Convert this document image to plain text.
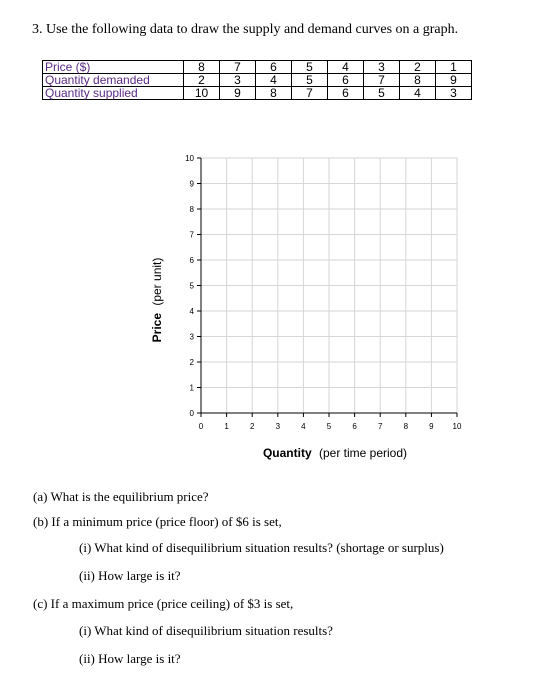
3. Use the following data to draw the supply and demand curves on a graph.
Price ($)	8	7	6	5	4	3	2	1
Quantity demanded	2	3	4	5	6	7	8	9
Quantity supplied	10	9	8	7	6	5	4	3
0	1	2	3	4	5	6	7	8	9 10
0
1
2
3
4
5
6
7
8
9
10
Quantity (per time period)
Price (per unit)
(a) What is the equilibrium price?
(b) If a minimum price (price floor) of $6 is set,
(i) What kind of disequilibrium situation results? (shortage or surplus)
(ii) How large is it?
(c) If a maximum price (price ceiling) of $3 is set,
(i) What kind of disequilibrium situation results?
(ii) How large is it?
